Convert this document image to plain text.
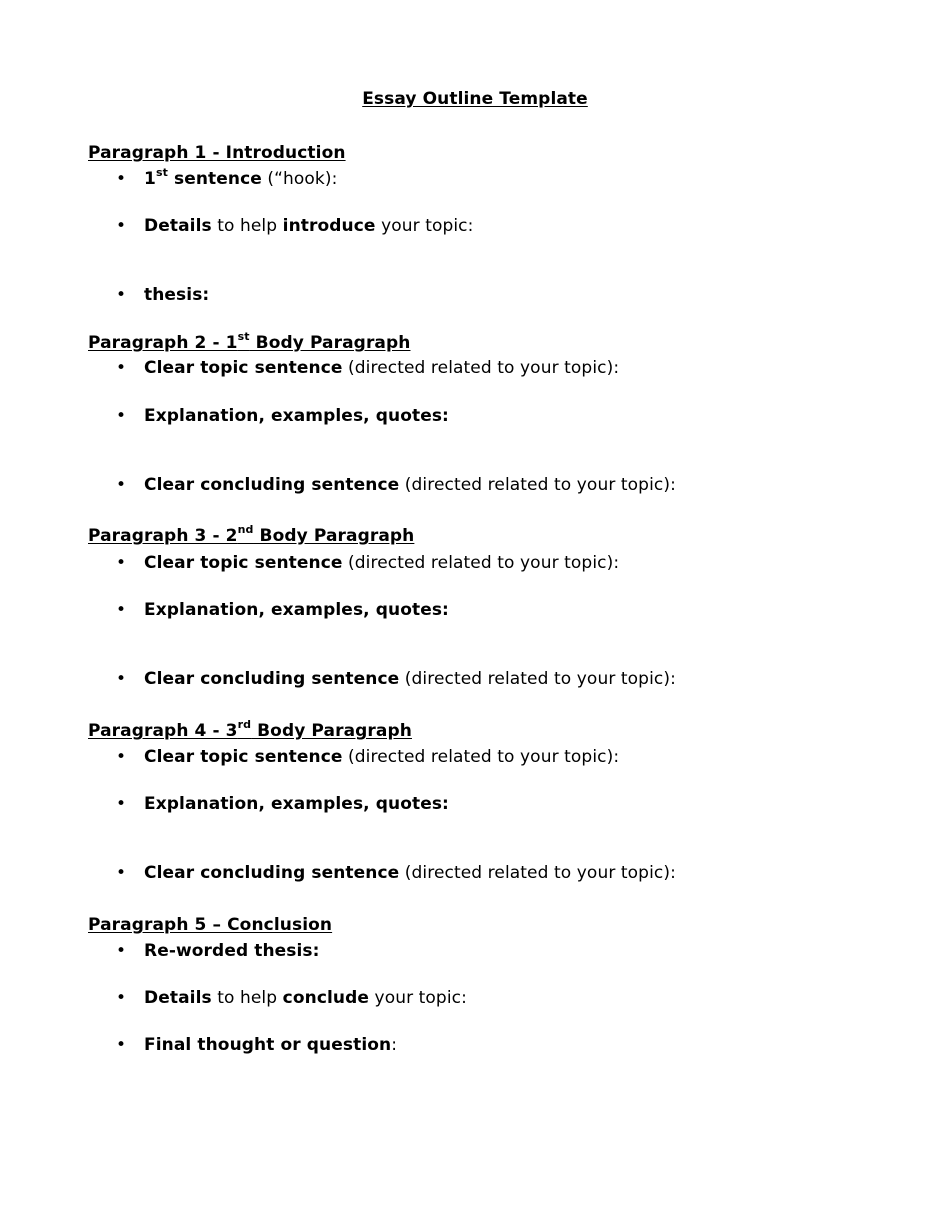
Essay Outline Template
Paragraph 1 - Introduction
• 1st sentence (“hook):
• Details to help introduce your topic:
• thesis:
Paragraph 2 - 1st Body Paragraph
• Clear topic sentence (directed related to your topic):
• Explanation, examples, quotes:
• Clear concluding sentence (directed related to your topic):
Paragraph 3 - 2nd Body Paragraph
• Clear topic sentence (directed related to your topic):
• Explanation, examples, quotes:
• Clear concluding sentence (directed related to your topic):
Paragraph 4 - 3rd Body Paragraph
• Clear topic sentence (directed related to your topic):
• Explanation, examples, quotes:
• Clear concluding sentence (directed related to your topic):
Paragraph 5 – Conclusion
• Re-worded thesis:
• Details to help conclude your topic:
• Final thought or question:
